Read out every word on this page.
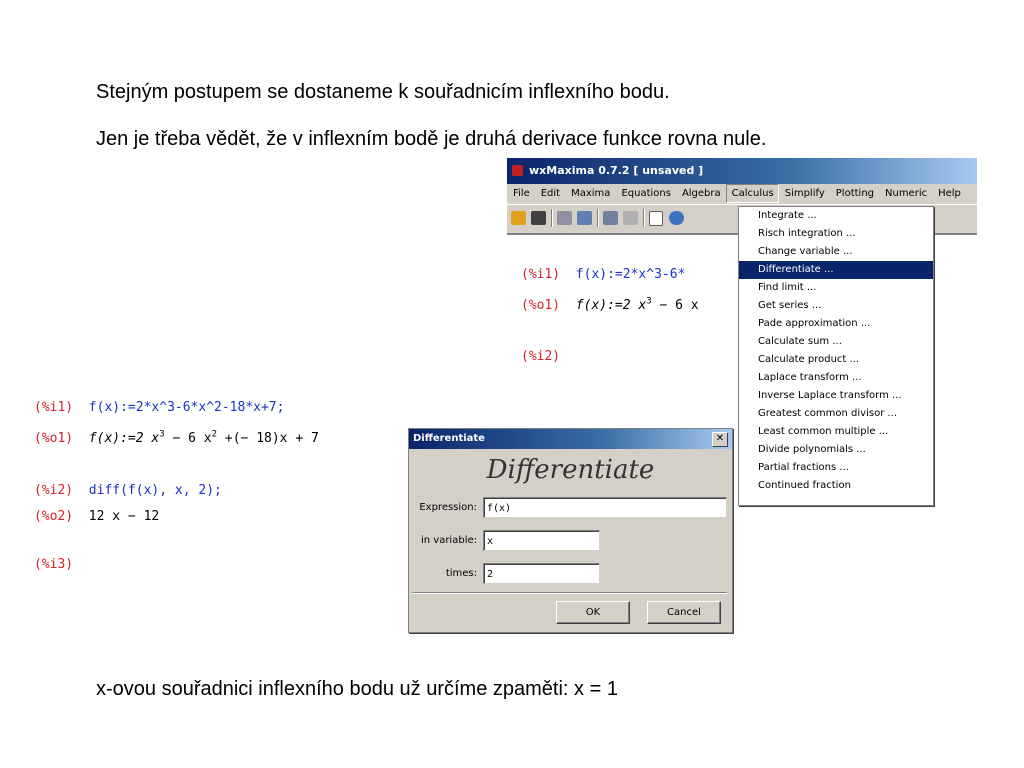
Stejným postupem se dostaneme k souřadnicím inflexního bodu.
Jen je třeba vědět, že v inflexním bodě je druhá derivace funkce rovna nule.
x-ovou souřadnici inflexního bodu už určíme zpaměti: x = 1
wxMaxima 0.7.2 [ unsaved ]
File Edit Maxima Equations Algebra Calculus Simplify Plotting Numeric Help
(%i1) f(x):=2*x^3-6*
(%o1) f(x):=2 $x^3 - 6$ x
(%i2)
Integrate ...
Risch integration ...
Change variable ...
Differentiate ...
Find limit ...
Get series ...
Pade approximation ...
Calculate sum ...
Calculate product ...
Laplace transform ...
Inverse Laplace transform ...
Greatest common divisor ...
Least common multiple ...
Divide polynomials ...
Partial fractions ...
Continued fraction
(%i1) f(x):=2*x^3-6*x^2-18*x+7;
(%o1) f(x):=2 $x^3 - 6$ $x^2$ +(− 18)x + 7
(%i2) diff(f(x), x, 2);
(%o2) 12 x − 12
(%i3)
Differentiate	✕
Differentiate
Expression:	f(x)
in variable:	x
times:	2
OK	Cancel
